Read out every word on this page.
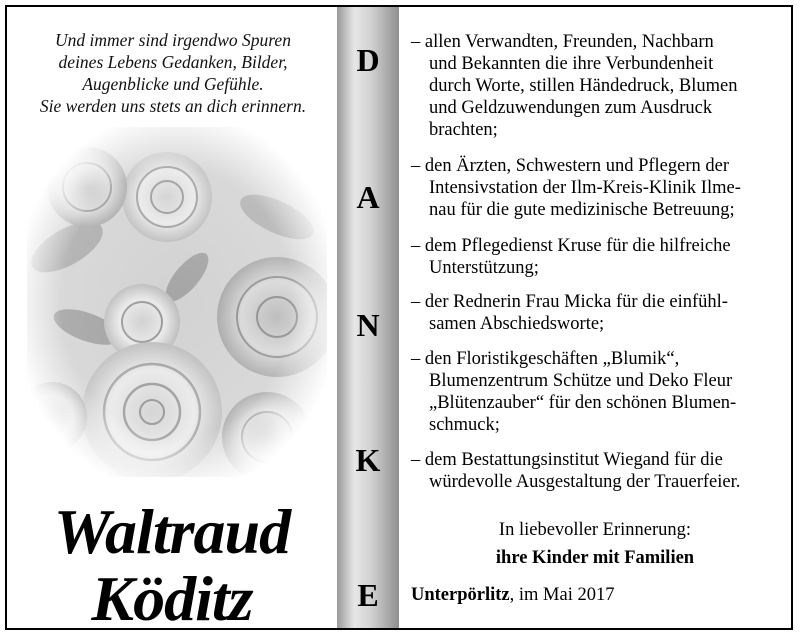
Und immer sind irgendwo Spuren
deines Lebens Gedanken, Bilder,
Augenblicke und Gefühle.
Sie werden uns stets an dich erinnern.
Waltraud
Köditz
D
A
N
K
E
– allen Verwandten, Freunden, Nachbarn
und Bekannten die ihre Verbundenheit
durch Worte, stillen Händedruck, Blumen
und Geldzuwendungen zum Ausdruck
brachten;
– den Ärzten, Schwestern und Pflegern der
Intensivstation der Ilm-Kreis-Klinik Ilme-
nau für die gute medizinische Betreuung;
– dem Pflegedienst Kruse für die hilfreiche
Unterstützung;
– der Rednerin Frau Micka für die einfühl-
samen Abschiedsworte;
– den Floristikgeschäften „Blumik“,
Blumenzentrum Schütze und Deko Fleur
„Blütenzauber“ für den schönen Blumen-
schmuck;
– dem Bestattungsinstitut Wiegand für die
würdevolle Ausgestaltung der Trauerfeier.
In liebevoller Erinnerung:
ihre Kinder mit Familien
Unterpörlitz, im Mai 2017
